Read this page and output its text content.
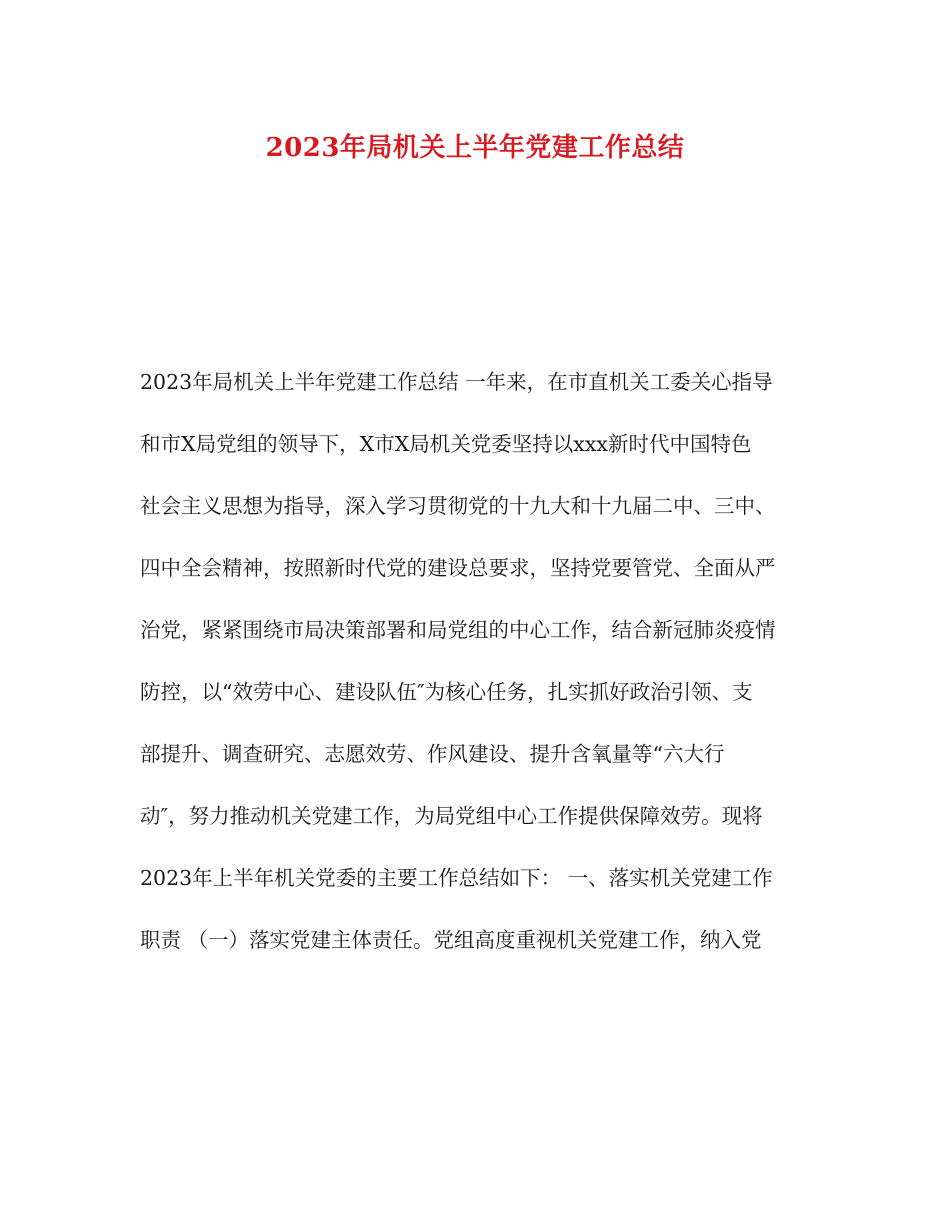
2023年局机关上半年党建工作总结
2023年局机关上半年党建工作总结 一年来，在市直机关工委关心指导
和市X局党组的领导下，X市X局机关党委坚持以xxx新时代中国特色
社会主义思想为指导，深入学习贯彻党的十九大和十九届二中、三中、
四中全会精神，按照新时代党的建设总要求，坚持党要管党、全面从严
治党，紧紧围绕市局决策部署和局党组的中心工作，结合新冠肺炎疫情
防控，以“效劳中心、建设队伍″为核心任务，扎实抓好政治引领、支
部提升、调查研究、志愿效劳、作风建设、提升含氧量等“六大行
动″，努力推动机关党建工作，为局党组中心工作提供保障效劳。现将
2023年上半年机关党委的主要工作总结如下： 一、落实机关党建工作
职责 （一）落实党建主体责任。党组高度重视机关党建工作，纳入党
